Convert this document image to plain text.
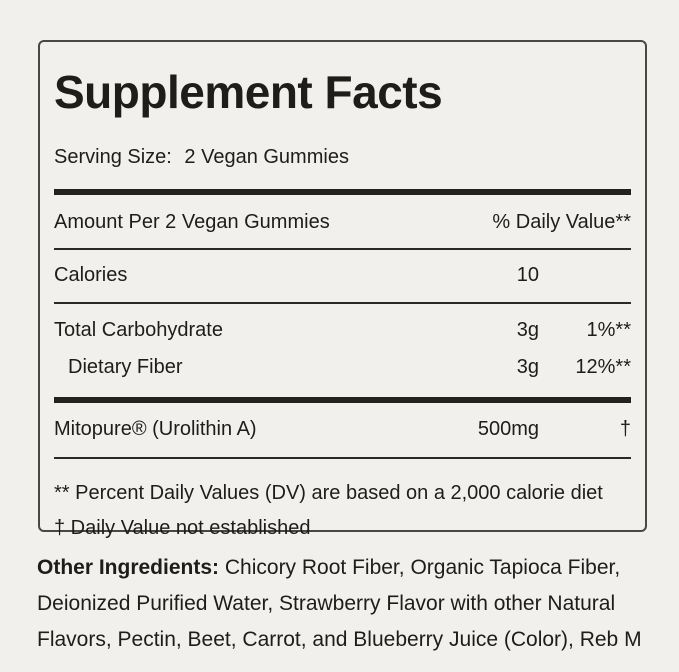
Supplement Facts
Serving Size: 2 Vegan Gummies
Amount Per 2 Vegan Gummies	% Daily Value**
Calories	10
Total Carbohydrate	3g	1%**
Dietary Fiber	3g	12%**
Mitopure® (Urolithin A)	500mg	†
** Percent Daily Values (DV) are based on a 2,000 calorie diet
† Daily Value not established

Other Ingredients: Chicory Root Fiber, Organic Tapioca Fiber,
Deionized Purified Water, Strawberry Flavor with other Natural
Flavors, Pectin, Beet, Carrot, and Blueberry Juice (Color), Reb M
